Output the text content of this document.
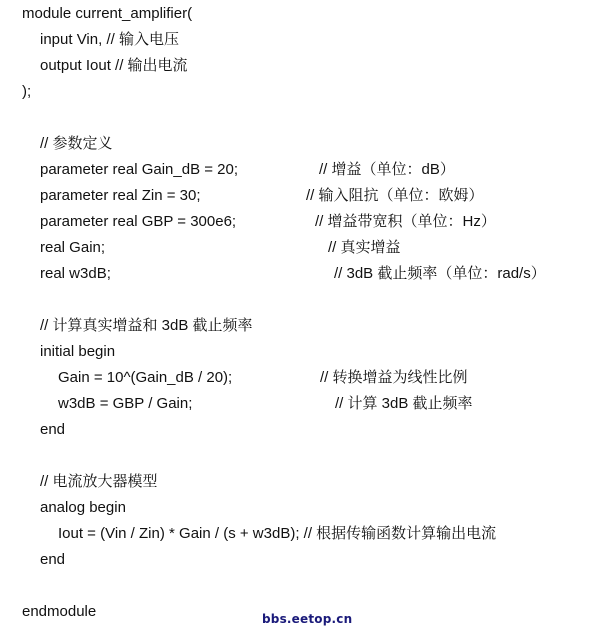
module current_amplifier(
input Vin, // 输入电压
output Iout // 输出电流
);
// 参数定义
parameter real Gain_dB = 20;	// 增益（单位：dB）
parameter real Zin = 30;	// 输入阻抗（单位：欧姆）
parameter real GBP = 300e6;	// 增益带宽积（单位：Hz）
real Gain;	// 真实增益
real w3dB;	// 3dB 截止频率（单位：rad/s）
// 计算真实增益和 3dB 截止频率
initial begin
Gain = 10^(Gain_dB / 20);	// 转换增益为线性比例
w3dB = GBP / Gain;	// 计算 3dB 截止频率
end
// 电流放大器模型
analog begin
Iout = (Vin / Zin) * Gain / (s + w3dB); // 根据传输函数计算输出电流
end
endmodule	bbs.eetop.cn
